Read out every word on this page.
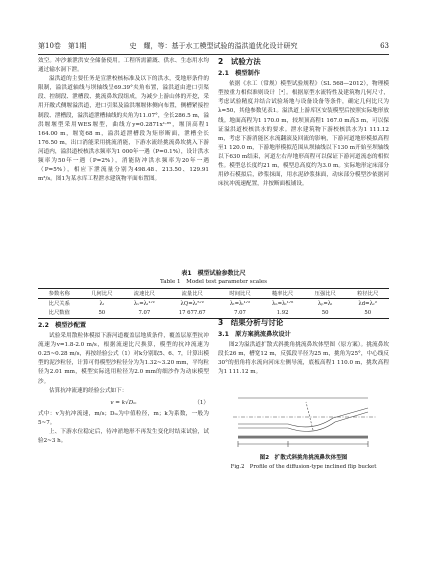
第10卷　第1期	史　耀，等：基于水工模型试验的溢洪道优化设计研究	63

效空。冲沙兼泄洪安全储备使用。工程所需灌溉、供水、生态用水均通过输水洞下泄。

溢洪道的主要任务是宣泄校核标准及以下的洪水，受地形条件的限制，溢洪道轴线与坝轴线呈69.39°夹角布置，溢洪道由进口引渠段、控制段、泄槽段、挑流鼻坎段组成，为减少上游山体的开挖，采用开敞式侧堰溢洪道，进口引渠及溢洪堰堰体侧向布置，侧槽紧接控制段、泄槽段，溢洪道泄槽轴线的夹角为11.07°，全长286.5 m，溢洪堰堰型采用WES堰型，曲线方y=0.2871x¹·⁸⁵，堰顶高程1 164.00 m，堰宽68 m，溢洪道泄槽段为矩形断面，泄槽全长176.50 m，出口消能采用挑流消能，下游水流经挑流鼻坎挑入下游河道内，溢洪道校核洪水频率为1 000年一遇（P=0.1%），设计洪水频率为50年一遇（P=2%），消能防冲洪水频率为20年一遇（P=5%），相应下泄流量分别为498.48、213.50、129.91 m³/s。图1为某水库工程泄水建筑物平面布置图。

2　试验方法
2.1　模型制作

依据《水工（常规）模型试验规程》（SL 568—2012），物理模型按重力相似准则设计［⁴］。根据原型水流特性及建筑物几何尺寸，考虑试验精度并结合试验场地与设备设备等条件，确定几何比尺为λ=50，其他参数见表1。溢洪道上游库区安装模型后按照实际地形放线。地面高程为1 170.0 m，较坝顶高程1 167.0 m高3 m，可以保证溢洪道校核洪水的要求。泄水建筑物下游校核洪水为1 111.12 m，考虑下游消能区水流翻滚及回流的影响，下游河道地形模拟高程至1 120.0 m，下游地形模拟范围从坝轴线以下130 m开始至坝轴线以下630 m结束，河道左右岸地形高程可以保证下游河道流态的相似性。模型总长度约21 m，模型总高度约为3.0 m。实际地形定床部分用砂石模拟后，砂浆抹面，用水泥砂浆抹面，动床部分模型沙依据河床抗冲流速配置，并按断面板铺设。

表1　模型试验参数比尺
Table 1　Model test parameter scales
参数名称	几何比尺	流速比尺	流量比尺	时间比尺	糙率比尺	压强比尺	粒径比尺
比尺关系	λₗ	λᵥ=λₗ¹ᐟ²	λQ=λₗ⁵ᐟ²	λₜ=λₗ¹ᐟ²	λₙ=λₗ¹ᐟ⁶	λₚ=λₗ	λd=λᵥ²
比尺数值	50	7.07	17 677.67	7.07	1.92	50	50
2.2　模型沙配置

试验采用散粒体模拟下游河道覆盖层地质条件，覆盖层原型抗冲流速为v=1.8-2.0 m/s，根据流速比尺换算，模型的抗冲流速为0.25~0.28 m/s，再按经验公式（1）对k分别取5、6、7，计算出模型的泥沙粒径，计算可得模型沙粒径分为为1.32~3.20 mm，平均粒径为2.01 mm，模型实际选用粒径为2.0 mm的细沙作为动床模型沙。

估算抗冲流速的经验公式如下：

v = k√Dₘ	（1）

式中：v为抗冲流速，m/s；Dₘ为中值粒径，m；k为系数，一般为5~7。

上、下游水位稳定后，待冲淤地形不再发生变化时结束试验，试验2~3 h。

3　结果分析与讨论
3.1　原方案挑流鼻坎设计

图2为溢洪道扩散式斜挑角挑流鼻坎体型图（原方案）。挑流鼻坎段长26 m，槽宽12 m，反弧段半径为25 m，挑角为25°，中心线反30°的扭角将水流向河床左侧导流，底板高程1 110.0 m，挑坎高程为1 111.12 m。

图2　扩散式斜挑角挑流鼻坎体型图
Fig.2　Profile of the diffusion-type inclined flip bucket
